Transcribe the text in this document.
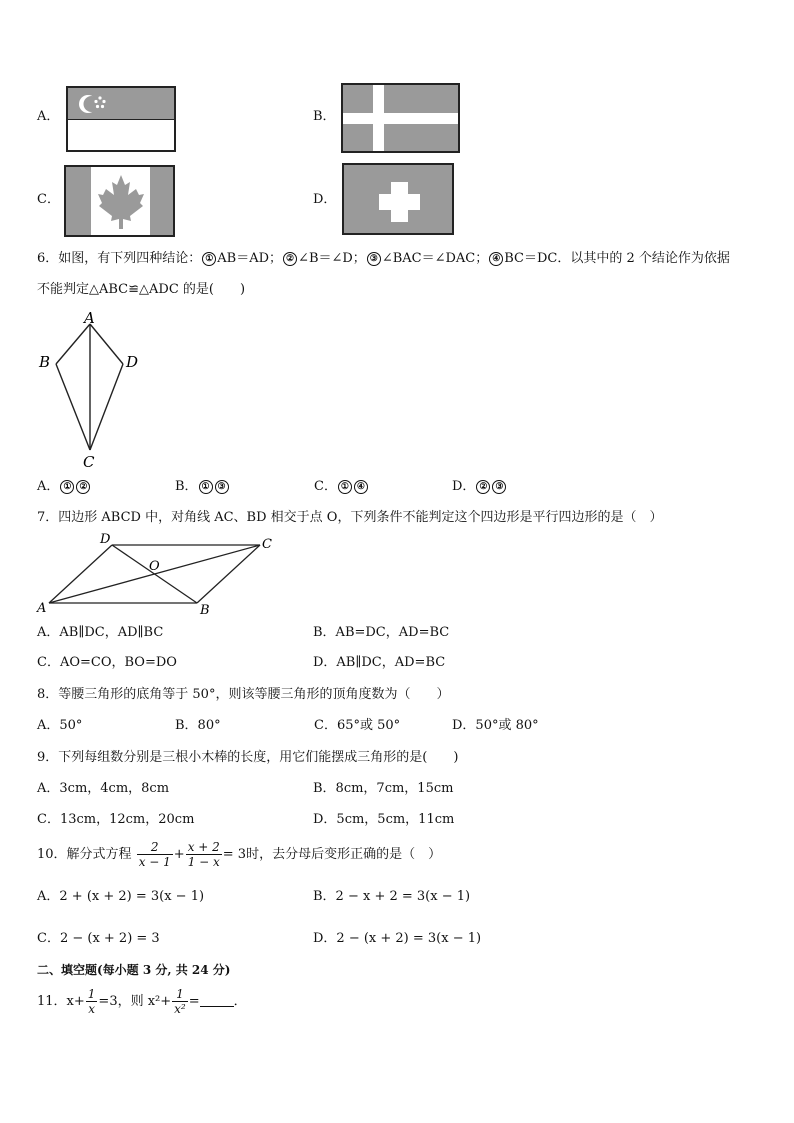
A．	B．
C．	D．
6．如图，有下列四种结论： ① AB＝AD； ② ∠B＝∠D； ③ ∠BAC＝∠DAC； ④ BC＝DC．以其中的 2 个结论作为依据
不能判定△ABC≌△ADC 的是(　　)
A
B	D
C
A． ① ②	B． ① ③	C． ① ④	D． ② ③
7．四边形 ABCD 中，对角线 AC、BD 相交于点 O，下列条件不能判定这个四边形是平行四边形的是（　）
D	C
O
A	B
A．AB∥DC，AD∥BC	B．AB=DC，AD=BC
C．AO=CO，BO=DO	D．AB∥DC，AD=BC
8．等腰三角形的底角等于 50°，则该等腰三角形的顶角度数为（　　）
A．50°	B．80°	C．65°或 50°	D．50°或 80°
9．下列每组数分别是三根小木棒的长度，用它们能摆成三角形的是(　　)
A．3cm，4cm，8cm	B．8cm，7cm，15cm
C．13cm，12cm，20cm	D．5cm，5cm，11cm
10．解分式方程 $\frac{2}{x - 1} + \frac{x + 2}{1 - x} = 3$时，去分母后变形正确的是（　）
A．2 + (x + 2) = 3(x − 1)	B．2 − x + 2 = 3(x − 1)
C．2 − (x + 2) = 3	D．2 − (x + 2) = 3(x − 1)
二、填空题(每小题 3 分, 共 24 分)
11．$x+ \frac{1}{x} =3$，则 $x^2+ \frac{1}{\text{x²}}$ =	．
